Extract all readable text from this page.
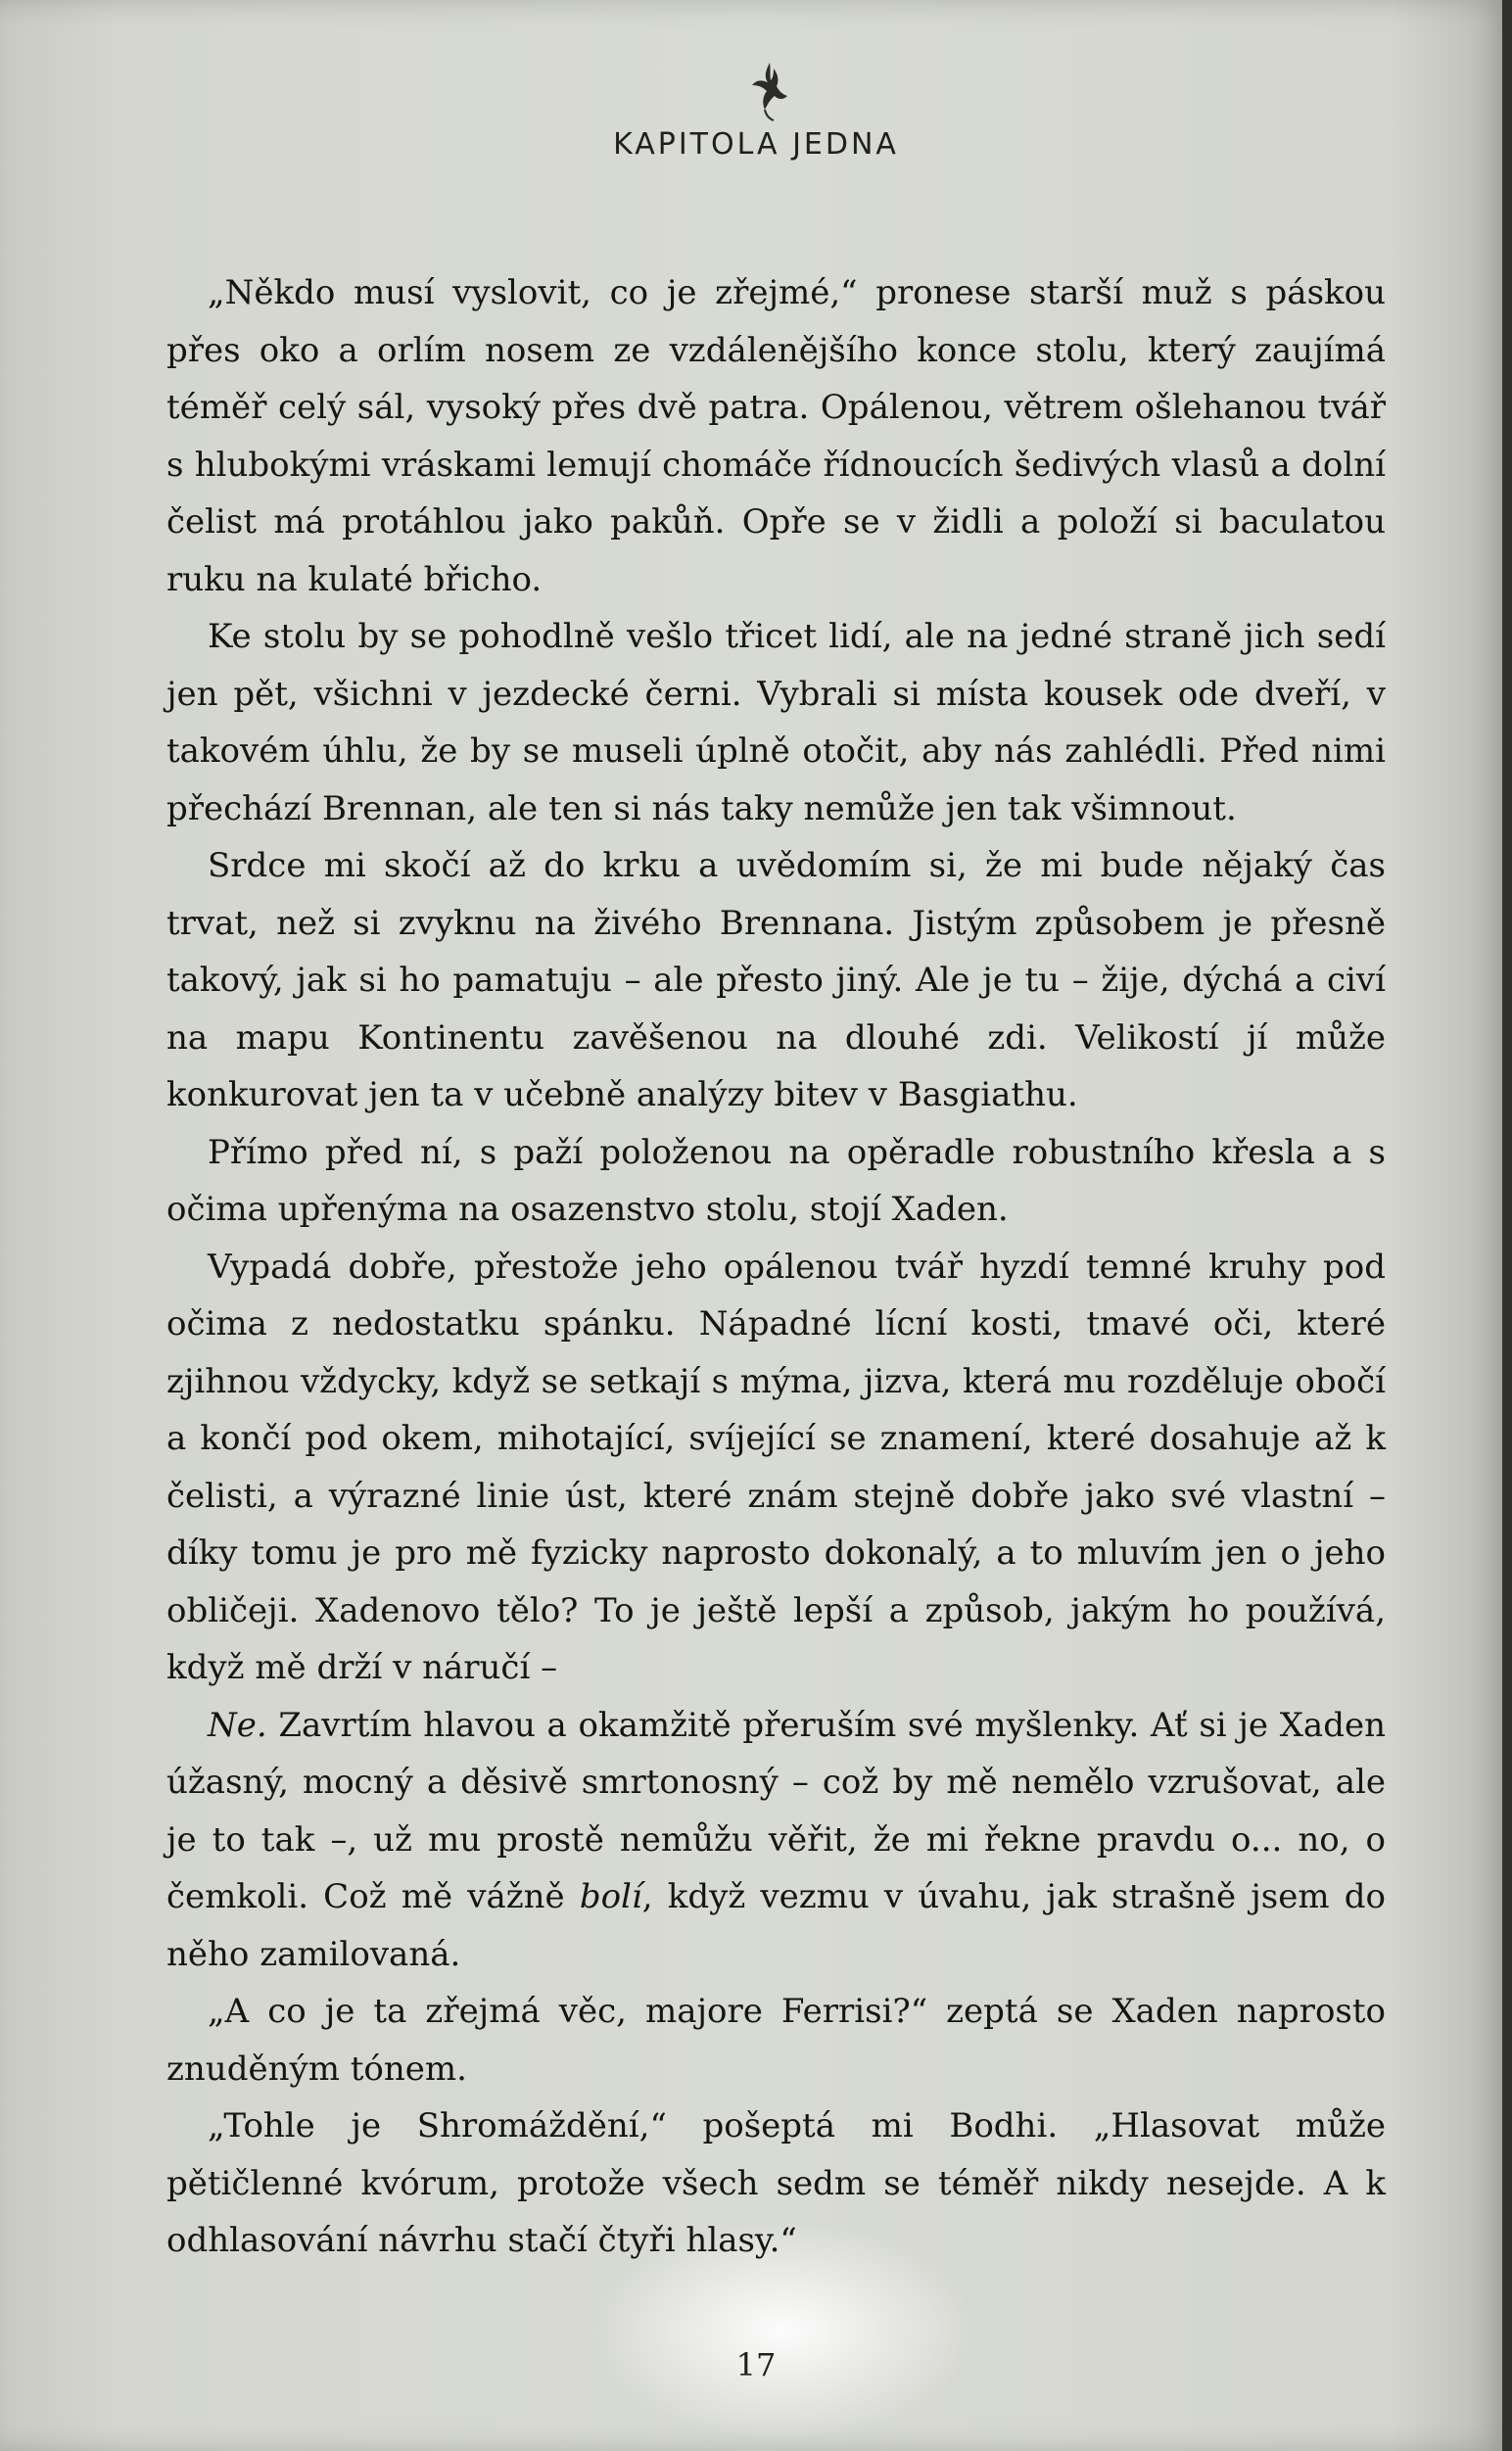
KAPITOLA JEDNA

„Někdo musí vyslovit, co je zřejmé,“ pronese starší muž s páskou přes oko a orlím nosem ze vzdálenějšího konce stolu, který zaujímá téměř celý sál, vysoký přes dvě patra. Opálenou, větrem ošlehanou tvář s hlubokými vráskami lemují chomáče řídnoucích šedivých vlasů a dolní čelist má protáhlou jako pakůň. Opře se v židli a položí si baculatou ruku na kulaté břicho.

Ke stolu by se pohodlně vešlo třicet lidí, ale na jedné straně jich sedí jen pět, všichni v jezdecké černi. Vybrali si místa kousek ode dveří, v takovém úhlu, že by se museli úplně otočit, aby nás zahlédli. Před nimi přechází Brennan, ale ten si nás taky nemůže jen tak všimnout.

Srdce mi skočí až do krku a uvědomím si, že mi bude nějaký čas trvat, než si zvyknu na živého Brennana. Jistým způsobem je přesně takový, jak si ho pamatuju – ale přesto jiný. Ale je tu – žije, dýchá a civí na mapu Kontinentu zavěšenou na dlouhé zdi. Velikostí jí může konkurovat jen ta v učebně analýzy bitev v Basgiathu.

Přímo před ní, s paží položenou na opěradle robustního křesla a s očima upřenýma na osazenstvo stolu, stojí Xaden.

Vypadá dobře, přestože jeho opálenou tvář hyzdí temné kruhy pod očima z nedostatku spánku. Nápadné lícní kosti, tmavé oči, které zjihnou vždycky, když se setkají s mýma, jizva, která mu rozděluje obočí a končí pod okem, mihotající, svíjející se znamení, které dosahuje až k čelisti, a výrazné linie úst, které znám stejně dobře jako své vlastní – díky tomu je pro mě fyzicky naprosto dokonalý, a to mluvím jen o jeho obličeji. Xadenovo tělo? To je ještě lepší a způsob, jakým ho používá, když mě drží v náručí –

Ne. Zavrtím hlavou a okamžitě přeruším své myšlenky. Ať si je Xaden úžasný, mocný a děsivě smrtonosný – což by mě nemělo vzrušovat, ale je to tak –, už mu prostě nemůžu věřit, že mi řekne pravdu o... no, o čemkoli. Což mě vážně bolí, když vezmu v úvahu, jak strašně jsem do něho zamilovaná.

„A co je ta zřejmá věc, majore Ferrisi?“ zeptá se Xaden naprosto znuděným tónem.

„Tohle je Shromáždění,“ pošeptá mi Bodhi. „Hlasovat může pětičlenné kvórum, protože všech sedm se téměř nikdy nesejde. A k odhlasování návrhu stačí čtyři hlasy.“

17
